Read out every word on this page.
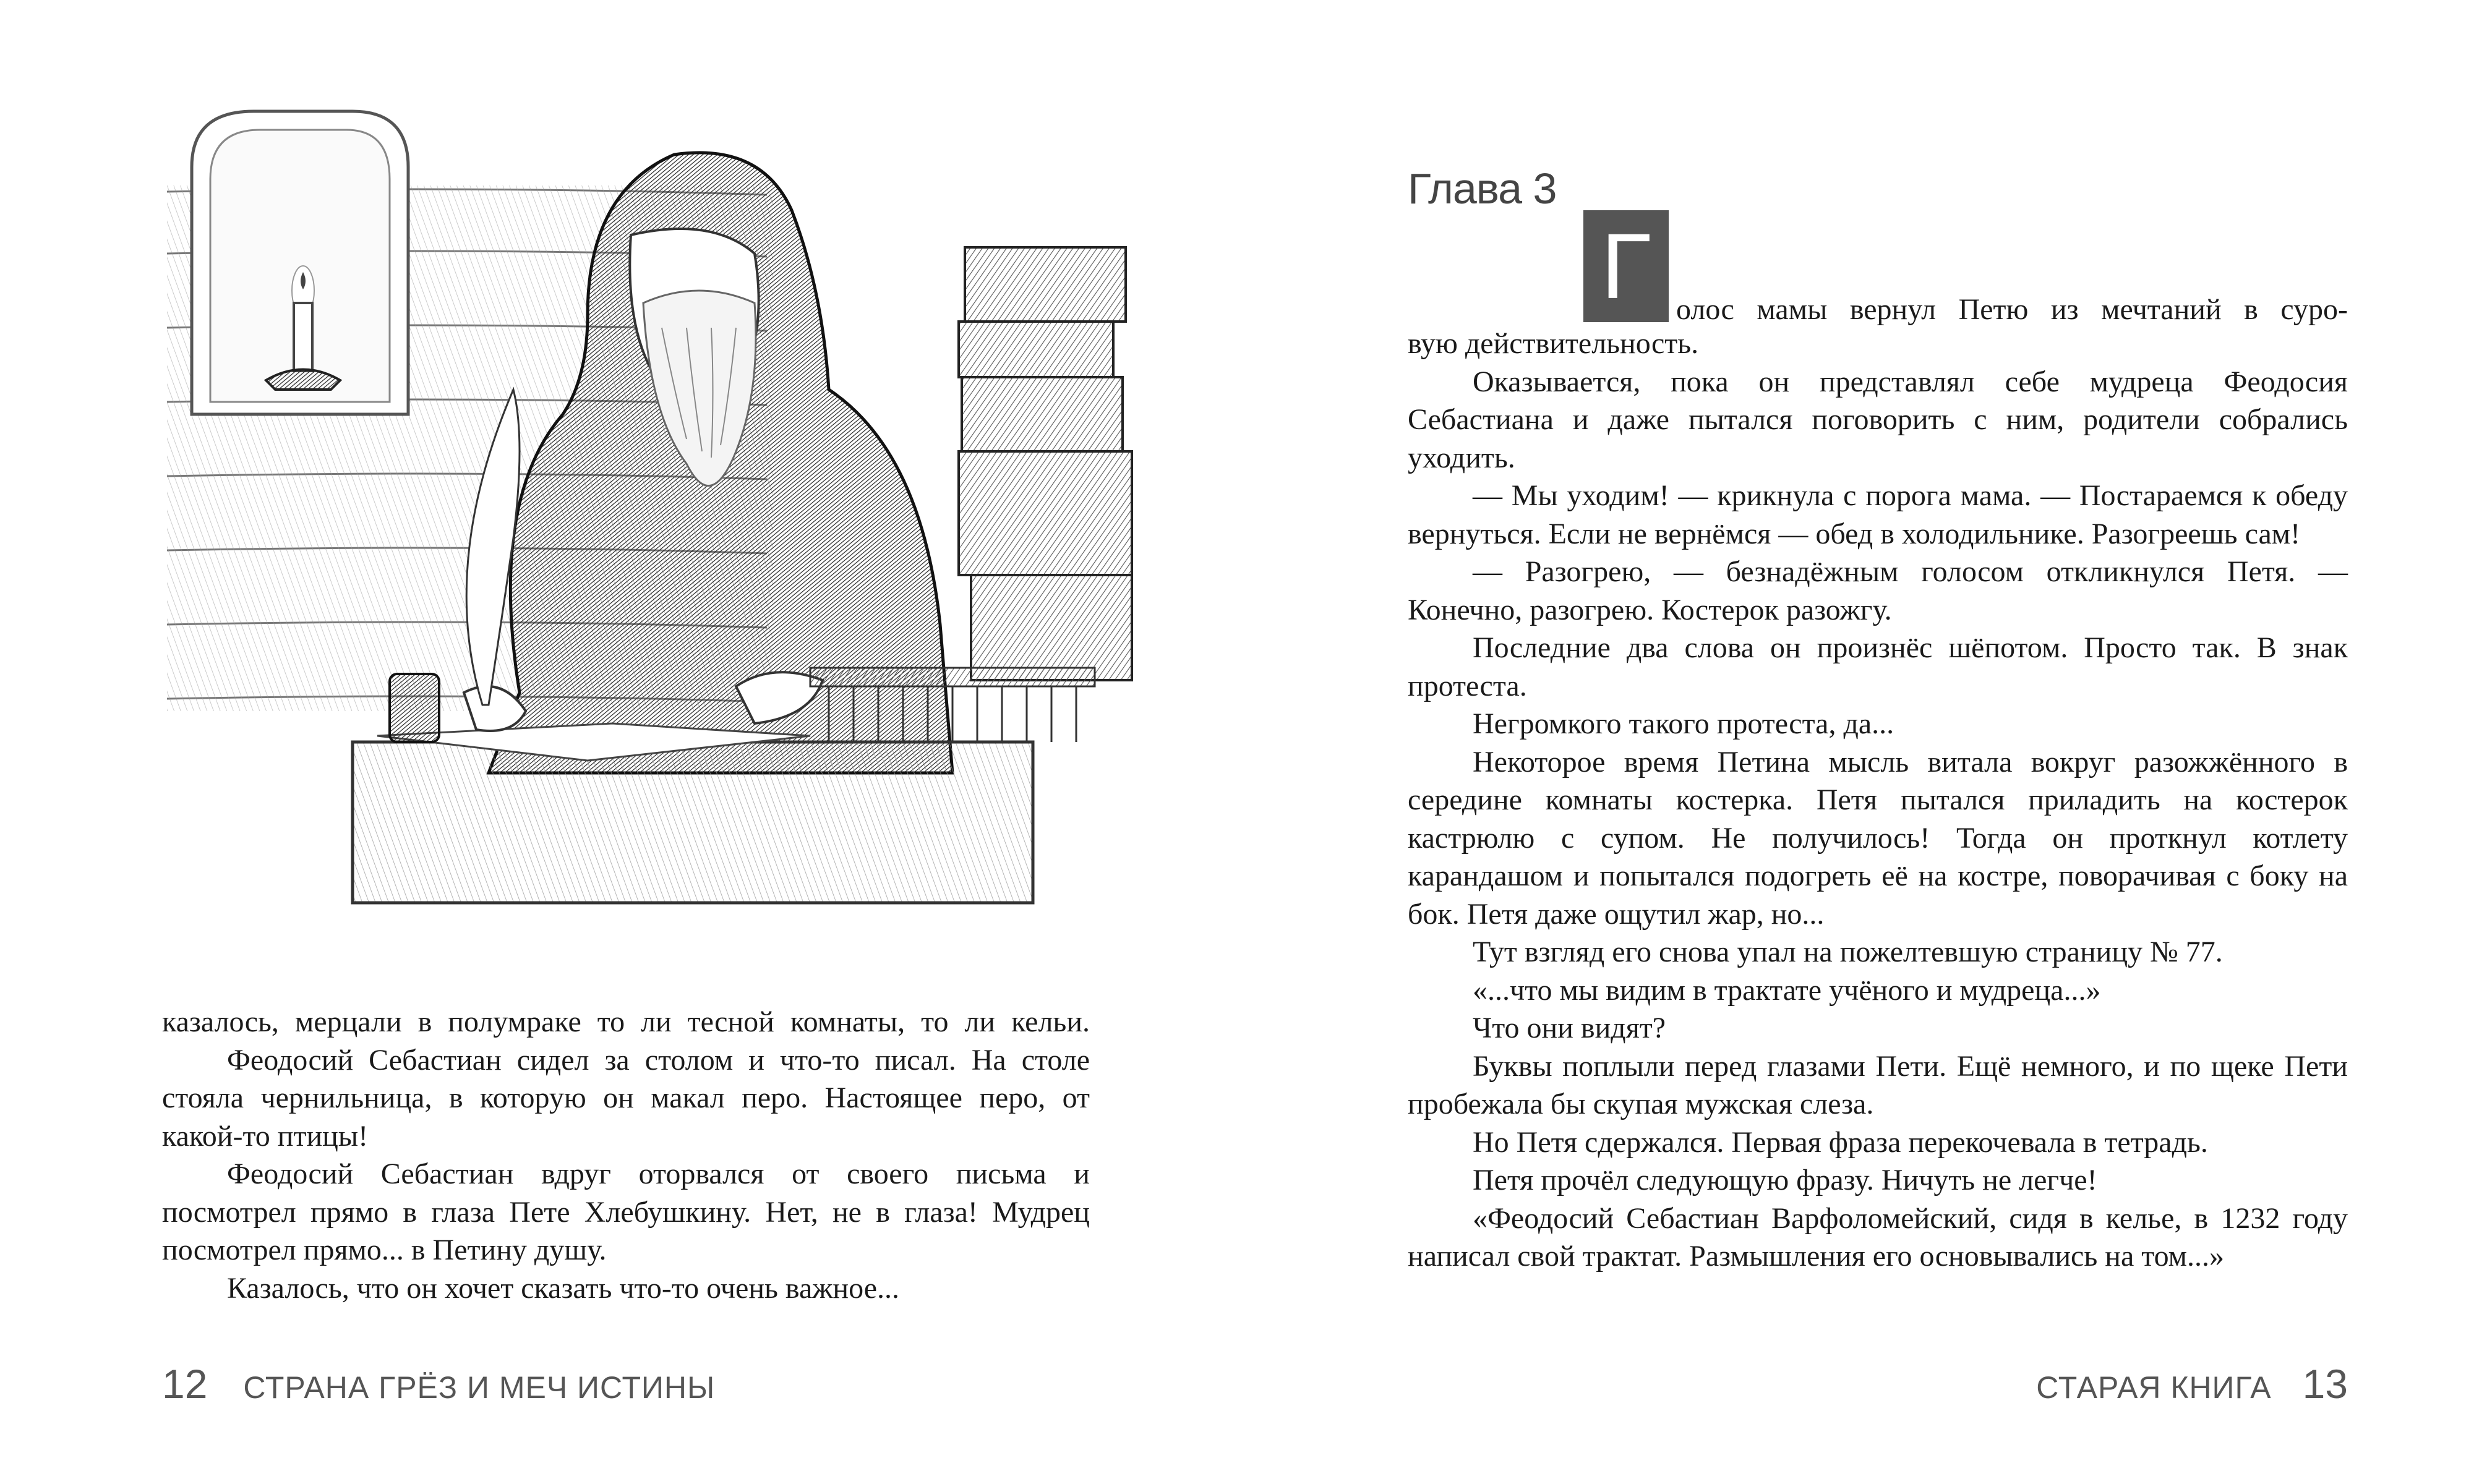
казалось, мерцали в полумраке то ли тесной комнаты, то ли кельи.

Феодосий Себастиан сидел за столом и что-то писал. На столе стояла чернильница, в которую он макал перо. Настоящее перо, от какой-то птицы!

Феодосий Себастиан вдруг оторвался от своего письма и посмотрел прямо в глаза Пете Хлебушкину. Нет, не в глаза! Мудрец посмотрел прямо... в Петину душу.

Казалось, что он хочет сказать что-то очень важное...

12 СТРАНА ГРЁЗ И МЕЧ ИСТИНЫ
Глава 3
Г олос мамы вернул Петю из мечтаний в суро-

вую действительность.

Оказывается, пока он представлял себе мудреца Феодосия Себастиана и даже пытался поговорить с ним, родители собрались уходить.

— Мы уходим! — крикнула с порога мама. — Постараемся к обеду вернуться. Если не вернёмся — обед в холодильнике. Разогреешь сам!

— Разогрею, — безнадёжным голосом откликнулся Петя. — Конечно, разогрею. Костерок разожгу.

Последние два слова он произнёс шёпотом. Просто так. В знак протеста.

Негромкого такого протеста, да...

Некоторое время Петина мысль витала вокруг разожжённого в середине комнаты костерка. Петя пытался приладить на костерок кастрюлю с супом. Не получилось! Тогда он проткнул котлету карандашом и попытался подогреть её на костре, поворачивая с боку на бок. Петя даже ощутил жар, но...

Тут взгляд его снова упал на пожелтевшую страницу № 77.

«...что мы видим в трактате учёного и мудреца...»

Что они видят?

Буквы поплыли перед глазами Пети. Ещё немного, и по щеке Пети пробежала бы скупая мужская слеза.

Но Петя сдержался. Первая фраза перекочевала в тетрадь.

Петя прочёл следующую фразу. Ничуть не легче!

«Феодосий Себастиан Варфоломейский, сидя в келье, в 1232 году написал свой трактат. Размышления его основывались на том...»

СТАРАЯ КНИГА 13
